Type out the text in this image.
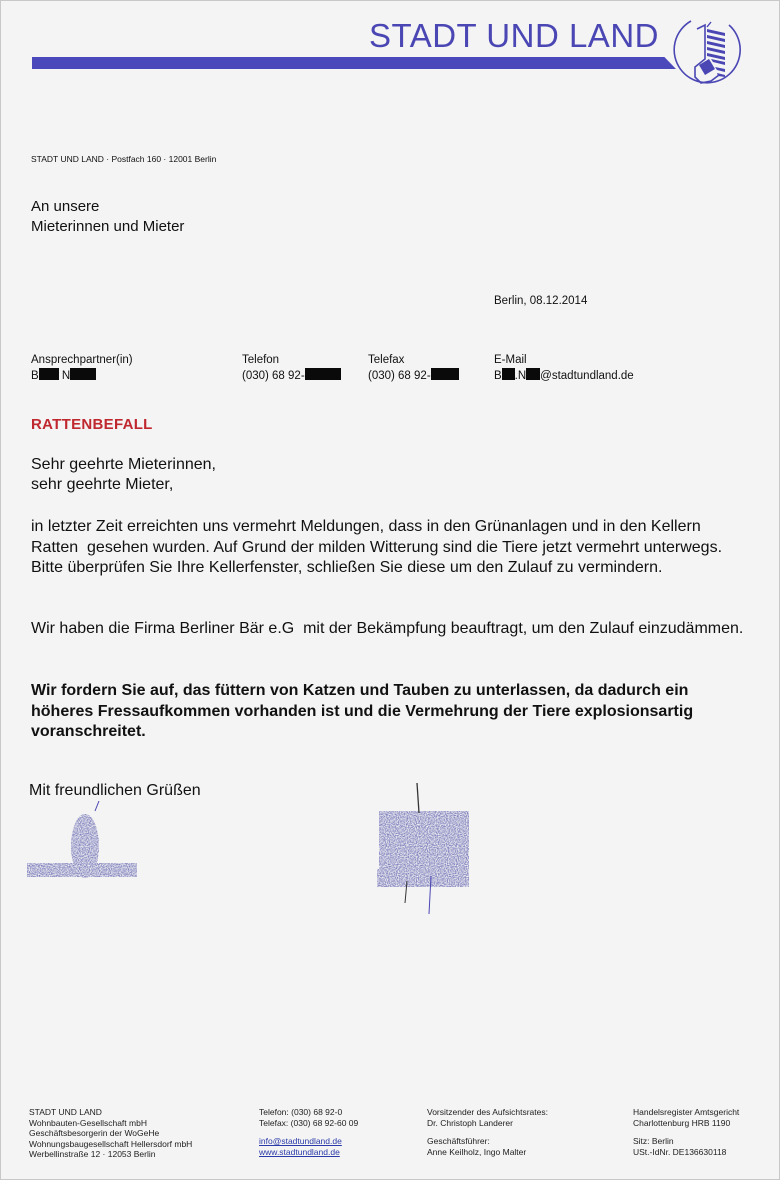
STADT UND LAND
STADT UND LAND · Postfach 160 · 12001 Berlin
An unsere
Mieterinnen und Mieter
Berlin, 08.12.2014
Ansprechpartner(in)
B N
Telefon
(030) 68 92-
Telefax
(030) 68 92-
E-Mail
B .N @stadtundland.de
RATTENBEFALL
Sehr geehrte Mieterinnen,
sehr geehrte Mieter,
in letzter Zeit erreichten uns vermehrt Meldungen, dass in den Grünanlagen und in den Kellern Ratten  gesehen wurden. Auf Grund der milden Witterung sind die Tiere jetzt vermehrt unterwegs. Bitte überprüfen Sie Ihre Kellerfenster, schließen Sie diese um den Zulauf zu vermindern.
Wir haben die Firma Berliner Bär e.G  mit der Bekämpfung beauftragt, um den Zulauf einzudämmen.
Wir fordern Sie auf, das füttern von Katzen und Tauben zu unterlassen, da dadurch ein höheres Fressaufkommen vorhanden ist und die Vermehrung der Tiere explosionsartig voranschreitet.
Mit freundlichen Grüßen
STADT UND LAND
Wohnbauten-Gesellschaft mbH
Geschäftsbesorgerin der WoGeHe
Wohnungsbaugesellschaft Hellersdorf mbH
Werbellinstraße 12 · 12053 Berlin
Telefon: (030) 68 92-0
Telefax: (030) 68 92-60 09
info@stadtundland.de
www.stadtundland.de
Vorsitzender des Aufsichtsrates:
Dr. Christoph Landerer
Geschäftsführer:
Anne Keilholz, Ingo Malter
Handelsregister Amtsgericht
Charlottenburg HRB 1190
Sitz: Berlin
USt.-IdNr. DE136630118
